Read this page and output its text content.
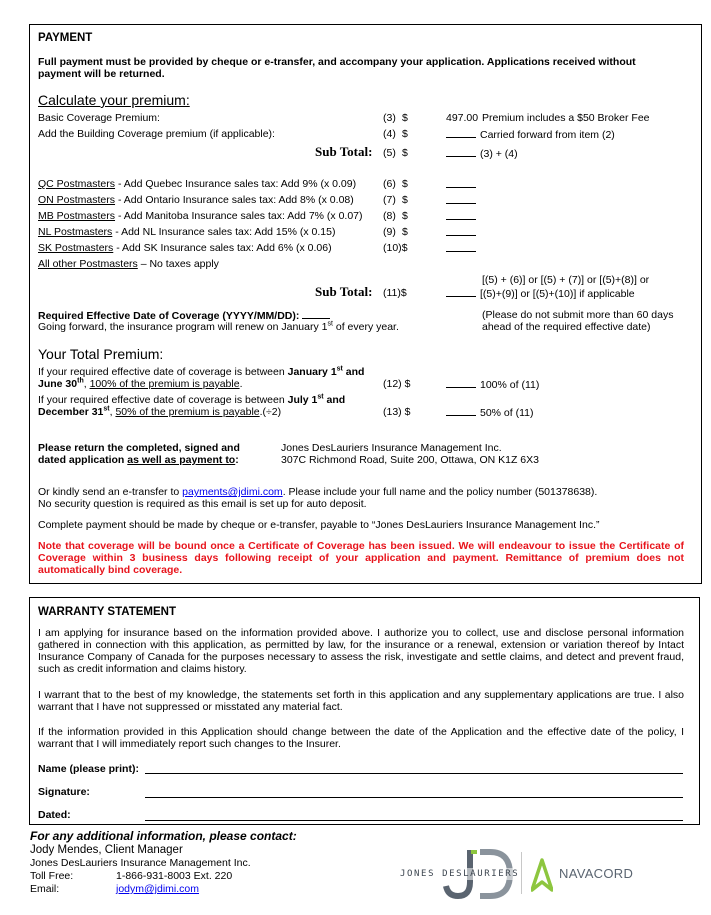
PAYMENT
Full payment must be provided by cheque or e-transfer, and accompany your application. Applications received without payment will be returned.
Calculate your premium:
Basic Coverage Premium:	(3) $	497.00 Premium includes a $50 Broker Fee
Add the Building Coverage premium (if applicable):	(4) $	Carried forward from item (2)
Sub Total: (5) $	(3) + (4)
QC Postmasters - Add Quebec Insurance sales tax: Add 9% (x 0.09)	(6) $
ON Postmasters - Add Ontario Insurance sales tax: Add 8% (x 0.08)	(7) $
MB Postmasters - Add Manitoba Insurance sales tax: Add 7% (x 0.07) (8) $
NL Postmasters - Add NL Insurance sales tax: Add 15% (x 0.15)	(9) $
SK Postmasters - Add SK Insurance sales tax: Add 6% (x 0.06)	(10)$
All other Postmasters – No taxes apply
[(5) + (6)] or [(5) + (7)] or [(5)+(8)] or
Sub Total: (11)$	[(5)+(9)] or [(5)+(10)] if applicable
Required Effective Date of Coverage (YYYY/MM/DD):
Going forward, the insurance program will renew on January 1st of every year.
(Please do not submit more than 60 days
ahead of the required effective date)
Your Total Premium:
If your required effective date of coverage is between January 1st and
June 30th, 100% of the premium is payable.	(12) $	100% of (11)
If your required effective date of coverage is between July 1st and
December 31st, 50% of the premium is payable.(÷2)	(13) $	50% of (11)
Please return the completed, signed and
dated application as well as payment to:
Jones DesLauriers Insurance Management Inc.
307C Richmond Road, Suite 200, Ottawa, ON K1Z 6X3
Or kindly send an e-transfer to payments@jdimi.com. Please include your full name and the policy number (501378638).
No security question is required as this email is set up for auto deposit.
Complete payment should be made by cheque or e-transfer, payable to “Jones DesLauriers Insurance Management Inc.”
Note that coverage will be bound once a Certificate of Coverage has been issued. We will endeavour to issue the Certificate of Coverage within 3 business days following receipt of your application and payment. Remittance of premium does not automatically bind coverage.
WARRANTY STATEMENT
I am applying for insurance based on the information provided above. I authorize you to collect, use and disclose personal information gathered in connection with this application, as permitted by law, for the insurance or a renewal, extension or variation thereof by Intact Insurance Company of Canada for the purposes necessary to assess the risk, investigate and settle claims, and detect and prevent fraud, such as credit information and claims history.
I warrant that to the best of my knowledge, the statements set forth in this application and any supplementary applications are true. I also warrant that I have not suppressed or misstated any material fact.
If the information provided in this Application should change between the date of the Application and the effective date of the policy, I warrant that I will immediately report such changes to the Insurer.
Name (please print):
Signature:
Dated:
For any additional information, please contact:
Jody Mendes, Client Manager
Jones DesLauriers Insurance Management Inc.
Toll Free:	1-866-931-8003 Ext. 220
Email:	jodym@jdimi.com
JONES DESLAURIERS	NAVACORD
